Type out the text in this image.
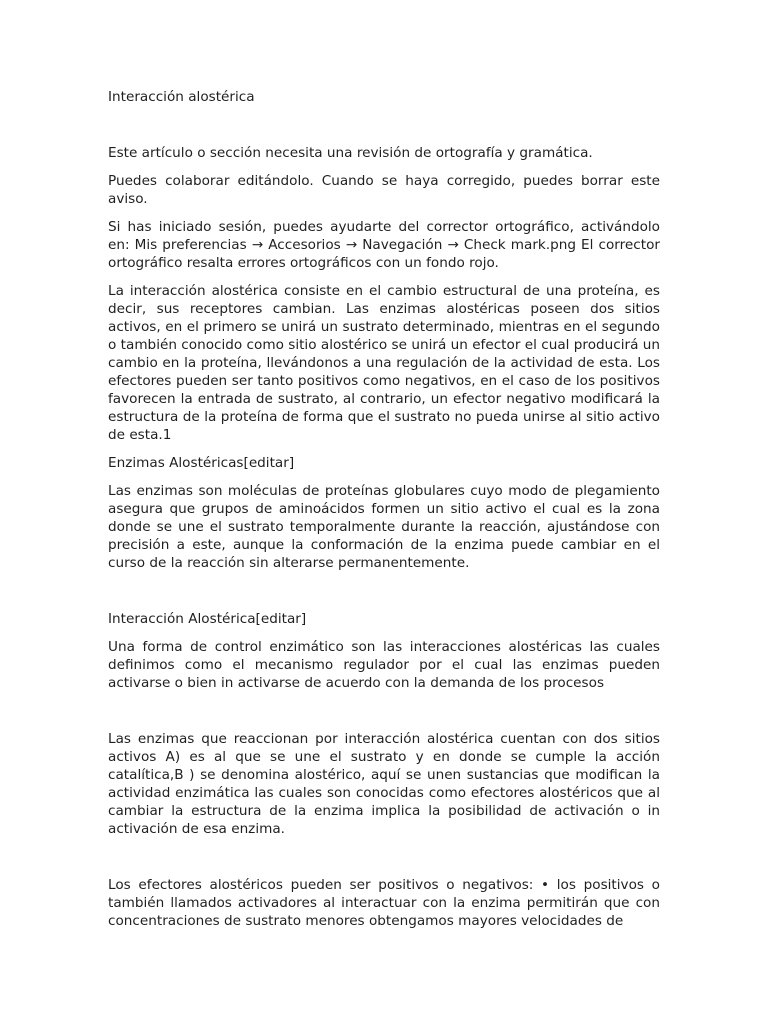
Interacción alostérica

Este artículo o sección necesita una revisión de ortografía y gramática.

Puedes colaborar editándolo. Cuando se haya corregido, puedes borrar este aviso.

Si has iniciado sesión, puedes ayudarte del corrector ortográfico, activándolo en: Mis preferencias → Accesorios → Navegación → Check mark.png El corrector ortográfico resalta errores ortográficos con un fondo rojo.

La interacción alostérica consiste en el cambio estructural de una proteína, es decir, sus receptores cambian. Las enzimas alostéricas poseen dos sitios activos, en el primero se unirá un sustrato determinado, mientras en el segundo o también conocido como sitio alostérico se unirá un efector el cual producirá un cambio en la proteína, llevándonos a una regulación de la actividad de esta. Los efectores pueden ser tanto positivos como negativos, en el caso de los positivos favorecen la entrada de sustrato, al contrario, un efector negativo modificará la estructura de la proteína de forma que el sustrato no pueda unirse al sitio activo de esta.1

Enzimas Alostéricas[editar]

Las enzimas son moléculas de proteínas globulares cuyo modo de plegamiento asegura que grupos de aminoácidos formen un sitio activo el cual es la zona donde se une el sustrato temporalmente durante la reacción, ajustándose con precisión a este, aunque la conformación de la enzima puede cambiar en el curso de la reacción sin alterarse permanentemente.

Interacción Alostérica[editar]

Una forma de control enzimático son las interacciones alostéricas las cuales definimos como el mecanismo regulador por el cual las enzimas pueden activarse o bien in activarse de acuerdo con la demanda de los procesos

Las enzimas que reaccionan por interacción alostérica cuentan con dos sitios activos A) es al que se une el sustrato y en donde se cumple la acción catalítica,B ) se denomina alostérico, aquí se unen sustancias que modifican la actividad enzimática las cuales son conocidas como efectores alostéricos que al cambiar la estructura de la enzima implica la posibilidad de activación o in activación de esa enzima.

Los efectores alostéricos pueden ser positivos o negativos: • los positivos o también llamados activadores al interactuar con la enzima permitirán que con concentraciones de sustrato menores obtengamos mayores velocidades de
